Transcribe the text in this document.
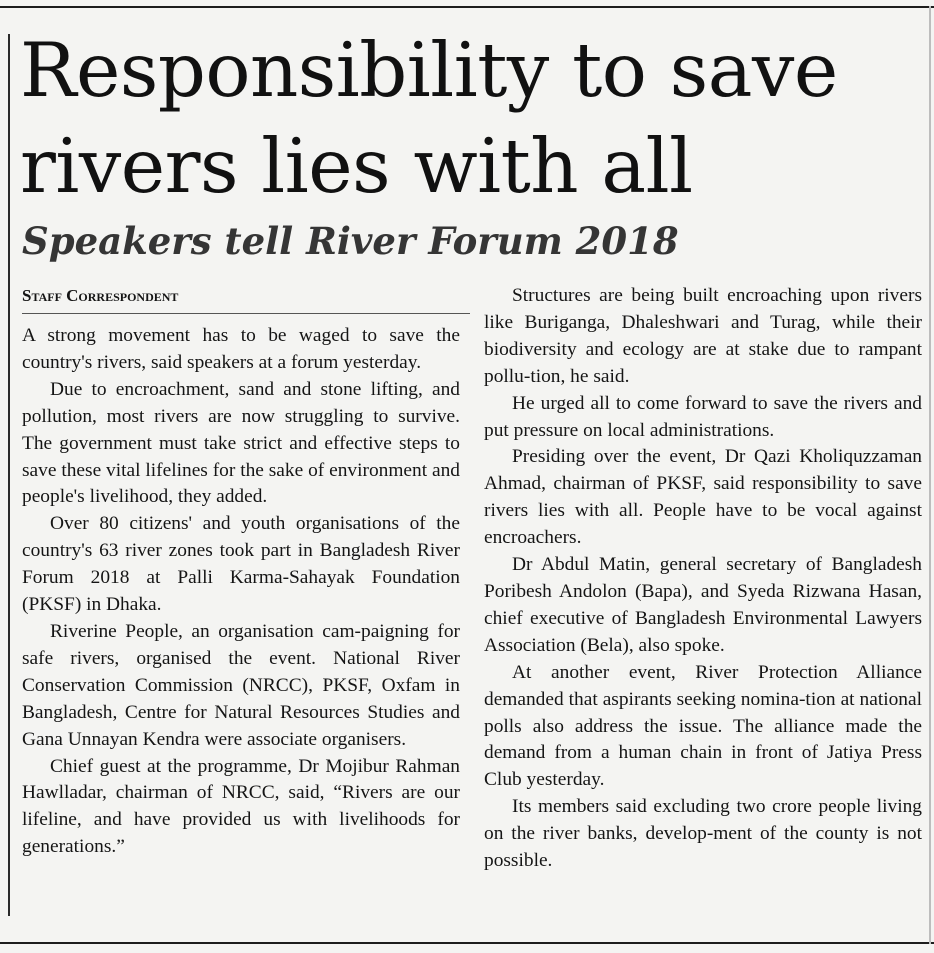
Responsibility to save
rivers lies with all
Speakers tell River Forum 2018
Staff Correspondent

A strong movement has to be waged to save the country's rivers, said speakers at a forum yesterday.

Due to encroachment, sand and stone lifting, and pollution, most rivers are now struggling to survive. The government must take strict and effective steps to save these vital lifelines for the sake of environment and people's livelihood, they added.

Over 80 citizens' and youth organisations of the country's 63 river zones took part in Bangladesh River Forum 2018 at Palli Karma-Sahayak Foundation (PKSF) in Dhaka.

Riverine People, an organisation cam-paigning for safe rivers, organised the event. National River Conservation Commission (NRCC), PKSF, Oxfam in Bangladesh, Centre for Natural Resources Studies and Gana Unnayan Kendra were associate organisers.

Chief guest at the programme, Dr Mojibur Rahman Hawlladar, chairman of NRCC, said, “Rivers are our lifeline, and have provided us with livelihoods for generations.”

Structures are being built encroaching upon rivers like Buriganga, Dhaleshwari and Turag, while their biodiversity and ecology are at stake due to rampant pollu-tion, he said.

He urged all to come forward to save the rivers and put pressure on local administrations.

Presiding over the event, Dr Qazi Kholiquzzaman Ahmad, chairman of PKSF, said responsibility to save rivers lies with all. People have to be vocal against encroachers.

Dr Abdul Matin, general secretary of Bangladesh Poribesh Andolon (Bapa), and Syeda Rizwana Hasan, chief executive of Bangladesh Environmental Lawyers Association (Bela), also spoke.

At another event, River Protection Alliance demanded that aspirants seeking nomina-tion at national polls also address the issue. The alliance made the demand from a human chain in front of Jatiya Press Club yesterday.

Its members said excluding two crore people living on the river banks, develop-ment of the county is not possible.
